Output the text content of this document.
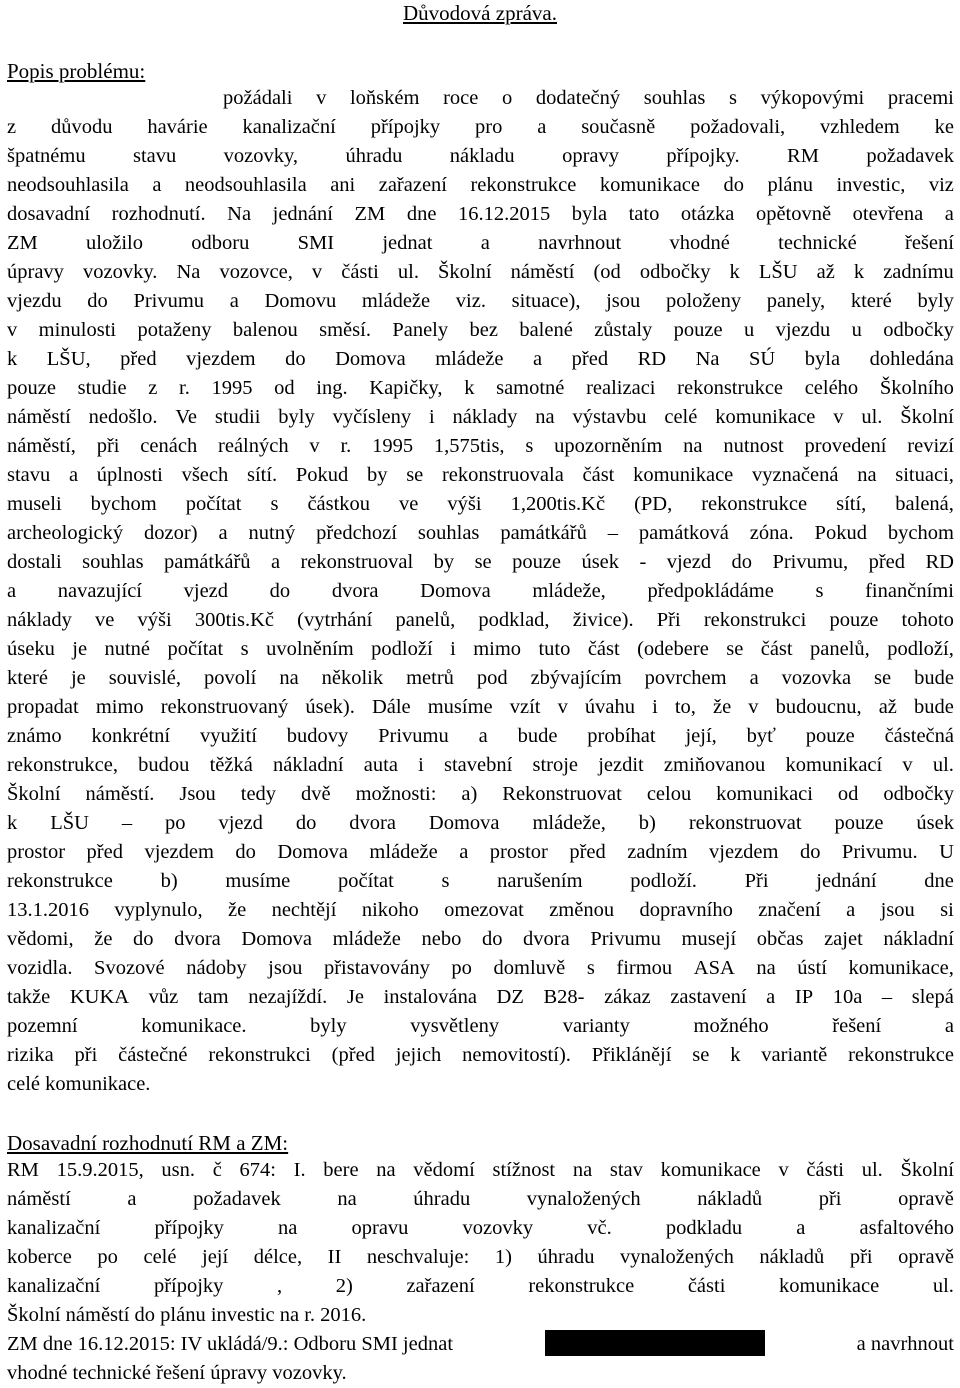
Důvodová zpráva.
Popis problému:
požádali v loňském roce o dodatečný souhlas s výkopovými pracemi
z důvodu havárie kanalizační přípojky pro a současně požadovali, vzhledem ke
špatnému stavu vozovky, úhradu nákladu opravy přípojky. RM požadavek
neodsouhlasila a neodsouhlasila ani zařazení rekonstrukce komunikace do plánu investic, viz
dosavadní rozhodnutí. Na jednání ZM dne 16.12.2015 byla tato otázka opětovně otevřena a
ZM uložilo odboru SMI jednat a navrhnout vhodné technické řešení
úpravy vozovky. Na vozovce, v části ul. Školní náměstí (od odbočky k LŠU až k zadnímu
vjezdu do Privumu a Domovu mládeže viz. situace), jsou položeny panely, které byly
v minulosti potaženy balenou směsí. Panely bez balené zůstaly pouze u vjezdu u odbočky
k LŠU, před vjezdem do Domova mládeže a před RD Na SÚ byla dohledána
pouze studie z r. 1995 od ing. Kapičky, k samotné realizaci rekonstrukce celého Školního
náměstí nedošlo. Ve studii byly vyčísleny i náklady na výstavbu celé komunikace v ul. Školní
náměstí, při cenách reálných v r. 1995 1,575tis, s upozorněním na nutnost provedení revizí
stavu a úplnosti všech sítí. Pokud by se rekonstruovala část komunikace vyznačená na situaci,
museli bychom počítat s částkou ve výši 1,200tis.Kč (PD, rekonstrukce sítí, balená,
archeologický dozor) a nutný předchozí souhlas památkářů – památková zóna. Pokud bychom
dostali souhlas památkářů a rekonstruoval by se pouze úsek - vjezd do Privumu, před RD
a navazující vjezd do dvora Domova mládeže, předpokládáme s finančními
náklady ve výši 300tis.Kč (vytrhání panelů, podklad, živice). Při rekonstrukci pouze tohoto
úseku je nutné počítat s uvolněním podloží i mimo tuto část (odebere se část panelů, podloží,
které je souvislé, povolí na několik metrů pod zbývajícím povrchem a vozovka se bude
propadat mimo rekonstruovaný úsek). Dále musíme vzít v úvahu i to, že v budoucnu, až bude
známo konkrétní využití budovy Privumu a bude probíhat její, byť pouze částečná
rekonstrukce, budou těžká nákladní auta i stavební stroje jezdit zmiňovanou komunikací v ul.
Školní náměstí. Jsou tedy dvě možnosti: a) Rekonstruovat celou komunikaci od odbočky
k LŠU – po vjezd do dvora Domova mládeže, b) rekonstruovat pouze úsek
prostor před vjezdem do Domova mládeže a prostor před zadním vjezdem do Privumu. U
rekonstrukce b) musíme počítat s narušením podloží. Při jednání dne
13.1.2016 vyplynulo, že nechtějí nikoho omezovat změnou dopravního značení a jsou si
vědomi, že do dvora Domova mládeže nebo do dvora Privumu musejí občas zajet nákladní
vozidla. Svozové nádoby jsou přistavovány po domluvě s firmou ASA na ústí komunikace,
takže KUKA vůz tam nezajíždí. Je instalována DZ B28- zákaz zastavení a IP 10a – slepá
pozemní	komunikace.	byly	vysvětleny	varianty	možného	řešení	a
rizika při částečné rekonstrukci (před jejich nemovitostí). Přiklánějí se k variantě rekonstrukce
celé komunikace.
Dosavadní rozhodnutí RM a ZM:
RM 15.9.2015, usn. č 674: I. bere na vědomí stížnost na stav komunikace v části ul. Školní
náměstí	a	požadavek	na	úhradu	vynaložených	nákladů	při	opravě
kanalizační	přípojky	na	opravu	vozovky	vč.	podkladu	a	asfaltového
koberce po celé její délce, II neschvaluje: 1) úhradu vynaložených nákladů při opravě
kanalizační	přípojky	,	2)	zařazení	rekonstrukce	části	komunikace	ul.
Školní náměstí do plánu investic na r. 2016.
ZM dne 16.12.2015: IV ukládá/9.: Odboru SMI jednat	a navrhnout
vhodné technické řešení úpravy vozovky.
